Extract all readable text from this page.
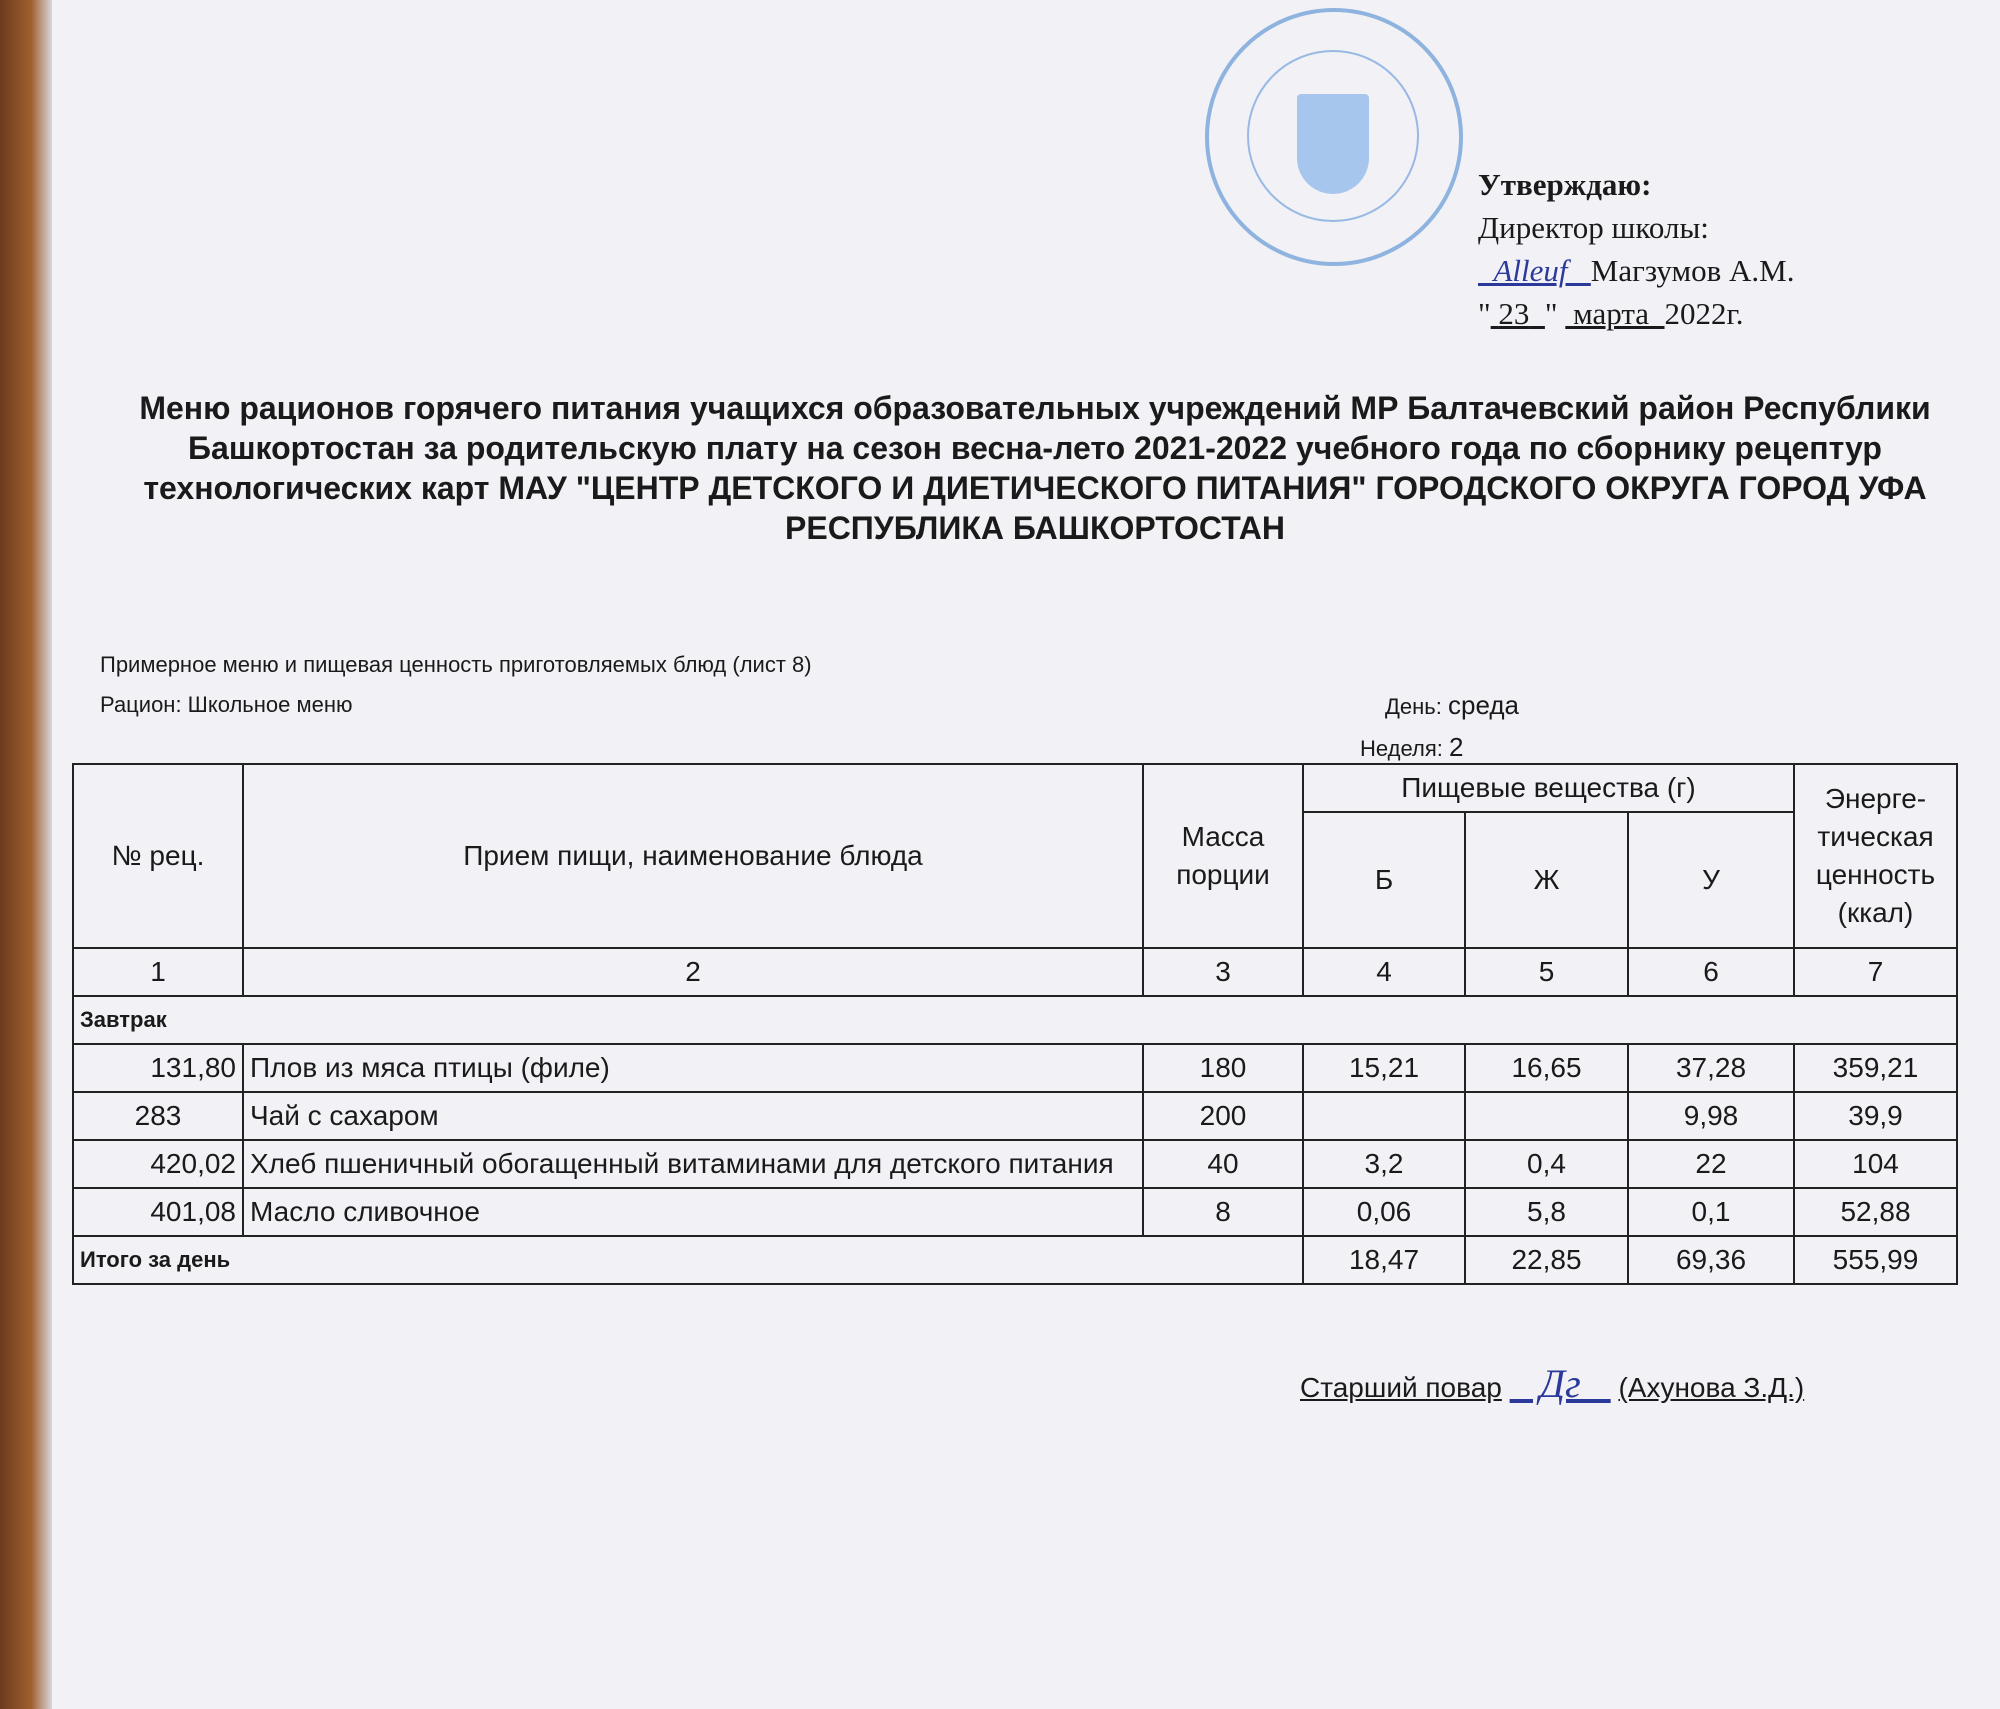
Утверждаю:
Директор школы:
Alleuf   Магзумов А.М.
" 23 "  марта 2022г.
Меню рационов горячего питания учащихся образовательных учреждений МР Балтачевский район Республики Башкортостан за родительскую плату на сезон весна-лето 2021-2022 учебного года по сборнику рецептур технологических карт МАУ "ЦЕНТР ДЕТСКОГО И ДИЕТИЧЕСКОГО ПИТАНИЯ" ГОРОДСКОГО ОКРУГА ГОРОД УФА РЕСПУБЛИКА БАШКОРТОСТАН
Примерное меню и пищевая ценность приготовляемых блюд (лист 8)
Рацион: Школьное меню	День: среда
Неделя: 2
№ рец.	Прием пищи, наименование блюда	Масса порции	Пищевые вещества (г)			Энерге-тическая ценность (ккал)
			Б	Ж	У	
1	2	3	4	5	6	7
Завтрак						
131,80	Плов из мяса птицы (филе)	180	15,21	16,65	37,28	359,21
283	Чай с сахаром	200			9,98	39,9
420,02	Хлеб пшеничный обогащенный витаминами для детского питания	40	3,2	0,4	22	104
401,08	Масло сливочное	8	0,06	5,8	0,1	52,88
Итого за день			18,47	22,85	69,36	555,99
Старший повар    Дг    (Ахунова З.Д.)
